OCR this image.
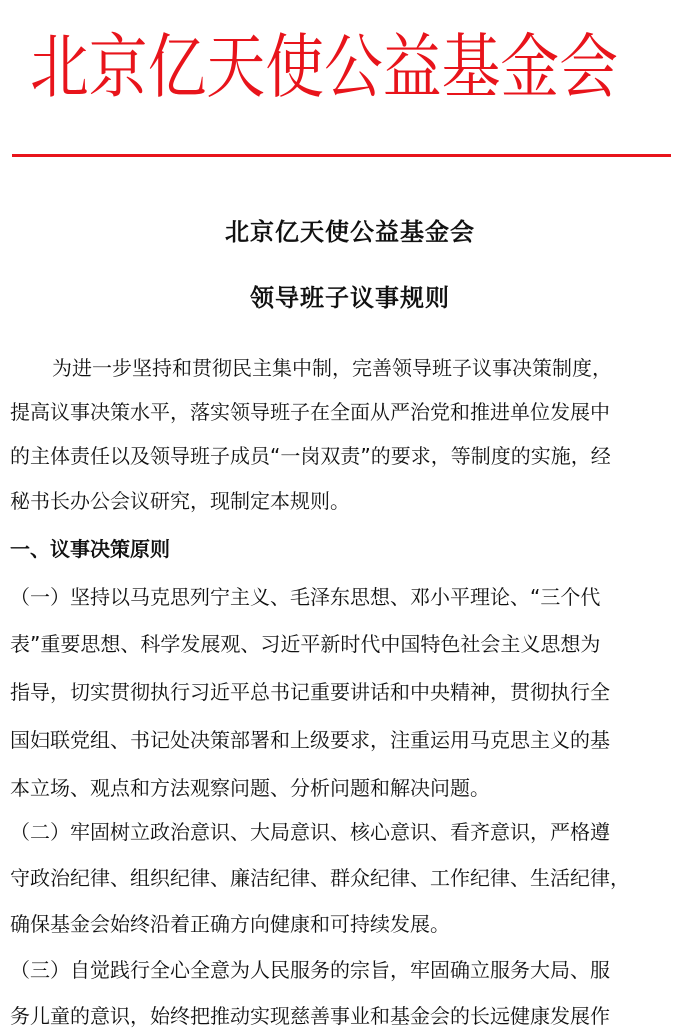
北京亿天使公益基金会
北京亿天使公益基金会
领导班子议事规则
为进一步坚持和贯彻民主集中制，完善领导班子议事决策制度，
提高议事决策水平，落实领导班子在全面从严治党和推进单位发展中
的主体责任以及领导班子成员“一岗双责”的要求，等制度的实施，经
秘书长办公会议研究，现制定本规则。
一、议事决策原则
（一）坚持以马克思列宁主义、毛泽东思想、邓小平理论、“三个代
表”重要思想、科学发展观、习近平新时代中国特色社会主义思想为
指导，切实贯彻执行习近平总书记重要讲话和中央精神，贯彻执行全
国妇联党组、书记处决策部署和上级要求，注重运用马克思主义的基
本立场、观点和方法观察问题、分析问题和解决问题。
（二）牢固树立政治意识、大局意识、核心意识、看齐意识，严格遵
守政治纪律、组织纪律、廉洁纪律、群众纪律、工作纪律、生活纪律，
确保基金会始终沿着正确方向健康和可持续发展。
（三）自觉践行全心全意为人民服务的宗旨，牢固确立服务大局、服
务儿童的意识，始终把推动实现慈善事业和基金会的长远健康发展作
